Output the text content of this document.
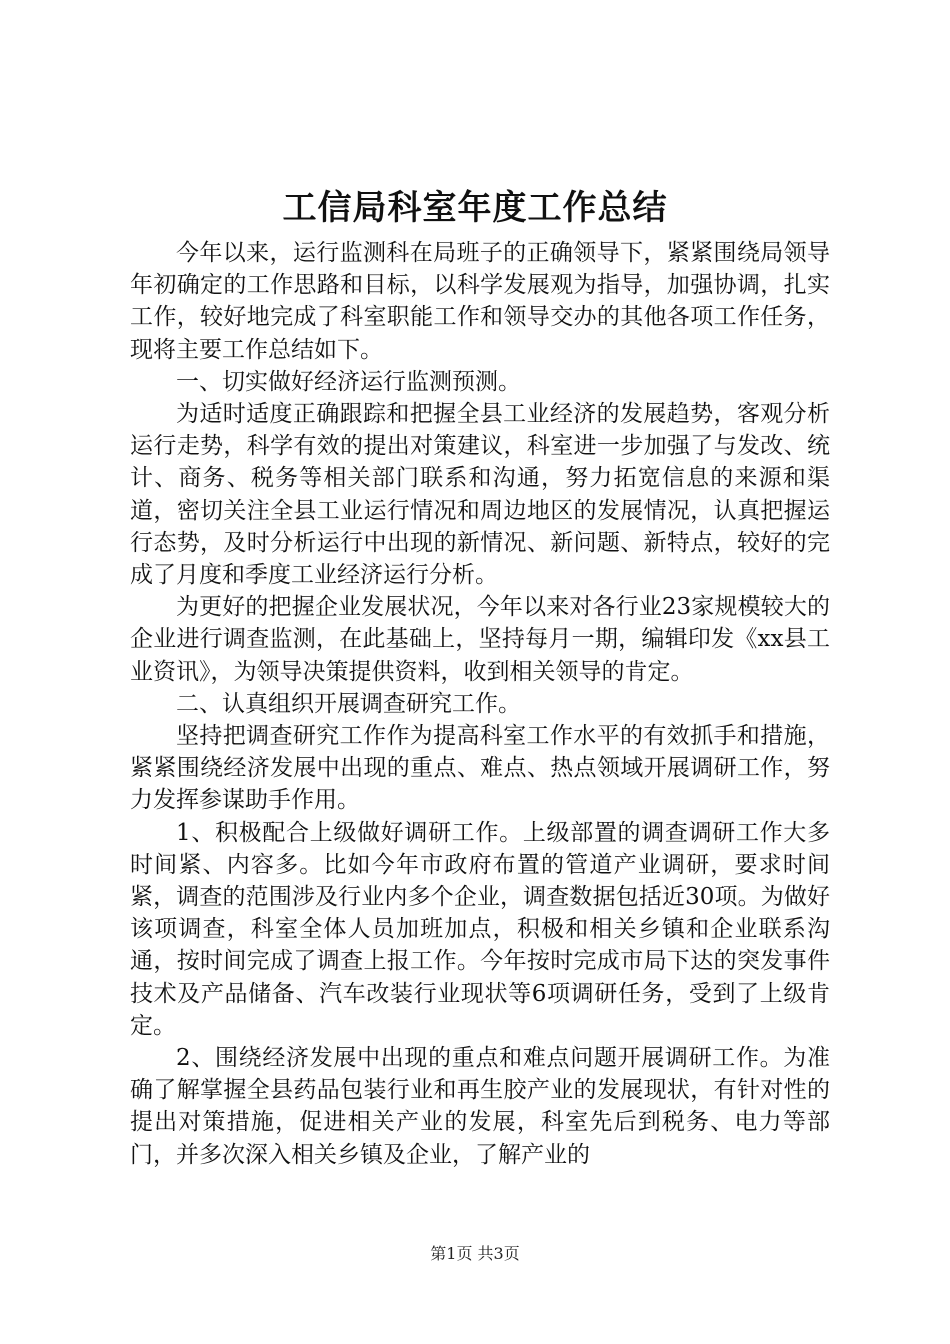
工信局科室年度工作总结

今年以来，运行监测科在局班子的正确领导下，紧紧围绕局领导年初确定的工作思路和目标，以科学发展观为指导，加强协调，扎实工作，较好地完成了科室职能工作和领导交办的其他各项工作任务，现将主要工作总结如下。

一、切实做好经济运行监测预测。

为适时适度正确跟踪和把握全县工业经济的发展趋势，客观分析运行走势，科学有效的提出对策建议，科室进一步加强了与发改、统计、商务、税务等相关部门联系和沟通，努力拓宽信息的来源和渠道，密切关注全县工业运行情况和周边地区的发展情况，认真把握运行态势，及时分析运行中出现的新情况、新问题、新特点，较好的完成了月度和季度工业经济运行分析。

为更好的把握企业发展状况，今年以来对各行业23家规模较大的企业进行调查监测，在此基础上，坚持每月一期，编辑印发《xx县工业资讯》，为领导决策提供资料，收到相关领导的肯定。

二、认真组织开展调查研究工作。

坚持把调查研究工作作为提高科室工作水平的有效抓手和措施，紧紧围绕经济发展中出现的重点、难点、热点领域开展调研工作，努力发挥参谋助手作用。

1、积极配合上级做好调研工作。上级部置的调查调研工作大多时间紧、内容多。比如今年市政府布置的管道产业调研，要求时间紧，调查的范围涉及行业内多个企业，调查数据包括近30项。为做好该项调查，科室全体人员加班加点，积极和相关乡镇和企业联系沟通，按时间完成了调查上报工作。今年按时完成市局下达的突发事件技术及产品储备、汽车改装行业现状等6项调研任务，受到了上级肯定。

2、围绕经济发展中出现的重点和难点问题开展调研工作。为准确了解掌握全县药品包装行业和再生胶产业的发展现状，有针对性的提出对策措施，促进相关产业的发展，科室先后到税务、电力等部门，并多次深入相关乡镇及企业，了解产业的

第1页 共3页
